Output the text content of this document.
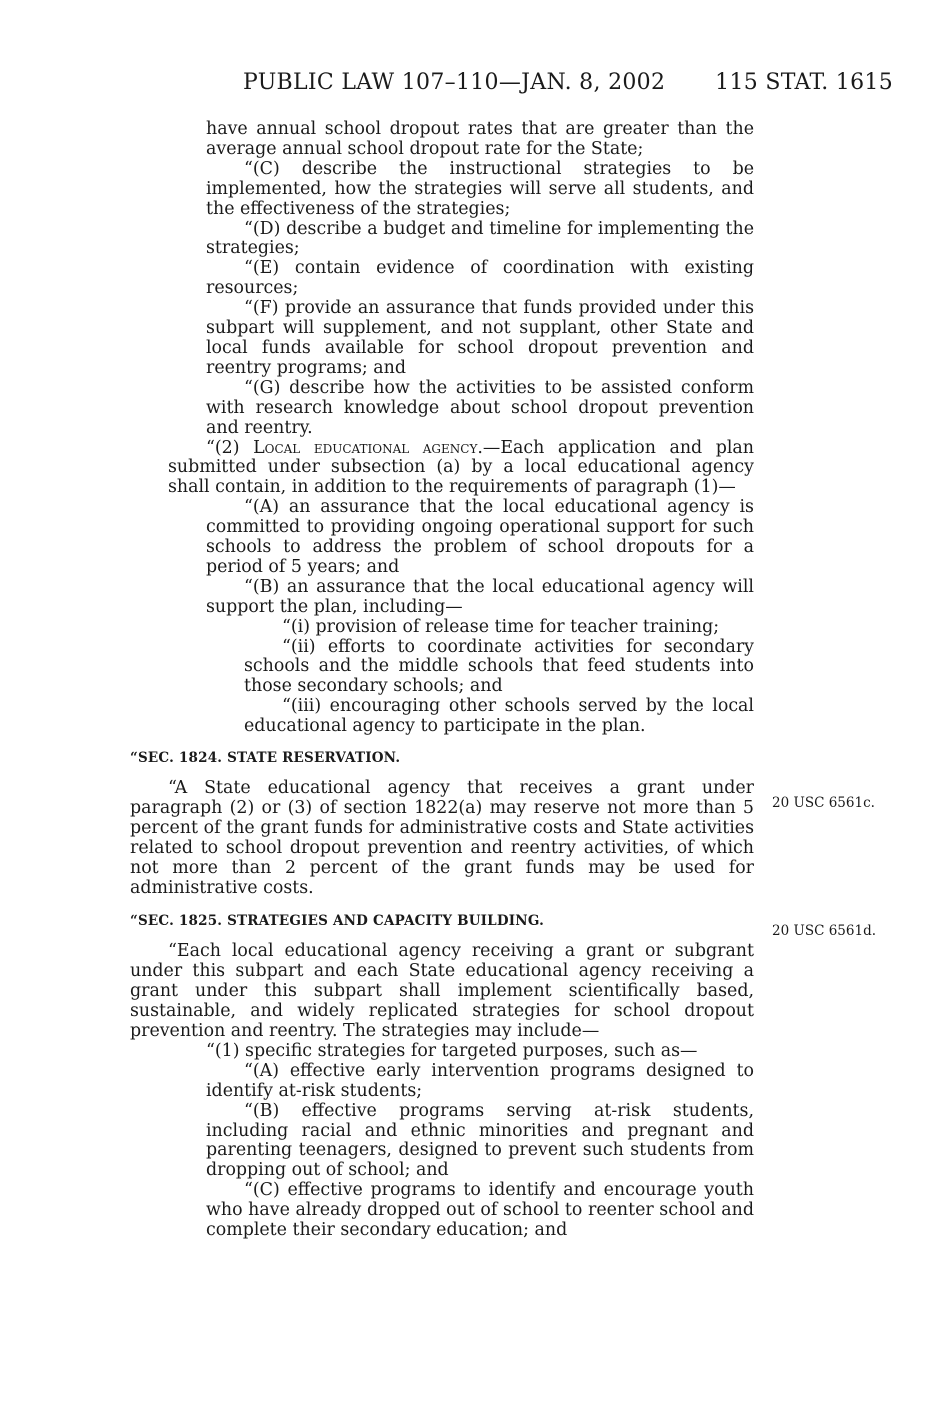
PUBLIC LAW 107–110—JAN. 8, 2002 115 STAT. 1615
20 USC 6561c.
20 USC 6561d.

have annual school dropout rates that are greater than the average annual school dropout rate for the State;

“(C) describe the instructional strategies to be implemented, how the strategies will serve all students, and the effectiveness of the strategies;

“(D) describe a budget and timeline for implementing the strategies;

“(E) contain evidence of coordination with existing resources;

“(F) provide an assurance that funds provided under this subpart will supplement, and not supplant, other State and local funds available for school dropout prevention and reentry programs; and

“(G) describe how the activities to be assisted conform with research knowledge about school dropout prevention and reentry.

“(2) Local educational agency.—Each application and plan submitted under subsection (a) by a local educational agency shall contain, in addition to the requirements of paragraph (1)—

“(A) an assurance that the local educational agency is committed to providing ongoing operational support for such schools to address the problem of school dropouts for a period of 5 years; and

“(B) an assurance that the local educational agency will support the plan, including—

“(i) provision of release time for teacher training;

“(ii) efforts to coordinate activities for secondary schools and the middle schools that feed students into those secondary schools; and

“(iii) encouraging other schools served by the local educational agency to participate in the plan.

“SEC. 1824. STATE RESERVATION.

“A State educational agency that receives a grant under paragraph (2) or (3) of section 1822(a) may reserve not more than 5 percent of the grant funds for administrative costs and State activities related to school dropout prevention and reentry activities, of which not more than 2 percent of the grant funds may be used for administrative costs.

“SEC. 1825. STRATEGIES AND CAPACITY BUILDING.

“Each local educational agency receiving a grant or subgrant under this subpart and each State educational agency receiving a grant under this subpart shall implement scientifically based, sustainable, and widely replicated strategies for school dropout prevention and reentry. The strategies may include—

“(1) specific strategies for targeted purposes, such as—

“(A) effective early intervention programs designed to identify at-risk students;

“(B) effective programs serving at-risk students, including racial and ethnic minorities and pregnant and parenting teenagers, designed to prevent such students from dropping out of school; and

“(C) effective programs to identify and encourage youth who have already dropped out of school to reenter school and complete their secondary education; and
